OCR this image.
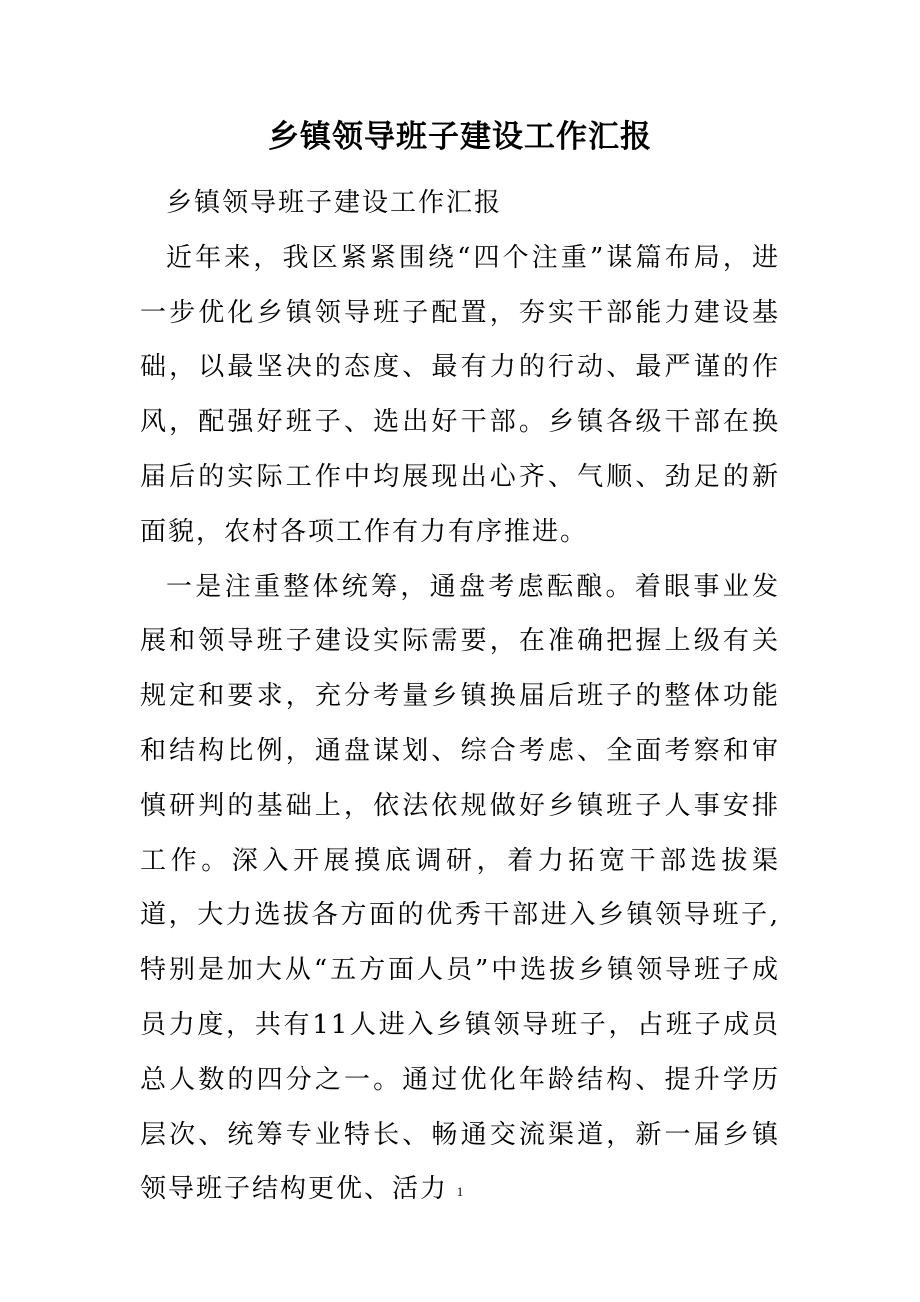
乡镇领导班子建设工作汇报

乡镇领导班子建设工作汇报

近年来，我区紧紧围绕“四个注重”谋篇布局，进一步优化乡镇领导班子配置，夯实干部能力建设基础，以最坚决的态度、最有力的行动、最严谨的作风，配强好班子、选出好干部。乡镇各级干部在换届后的实际工作中均展现出心齐、气顺、劲足的新面貌，农村各项工作有力有序推进。

一是注重整体统筹，通盘考虑酝酿。着眼事业发展和领导班子建设实际需要，在准确把握上级有关规定和要求，充分考量乡镇换届后班子的整体功能和结构比例，通盘谋划、综合考虑、全面考察和审慎研判的基础上，依法依规做好乡镇班子人事安排工作。深入开展摸底调研，着力拓宽干部选拔渠道，大力选拔各方面的优秀干部进入乡镇领导班子,特别是加大从“五方面人员”中选拔乡镇领导班子成员力度，共有11人进入乡镇领导班子，占班子成员总人数的四分之一。通过优化年龄结构、提升学历层次、统筹专业特长、畅通交流渠道，新一届乡镇领导班子结构更优、活力 1
